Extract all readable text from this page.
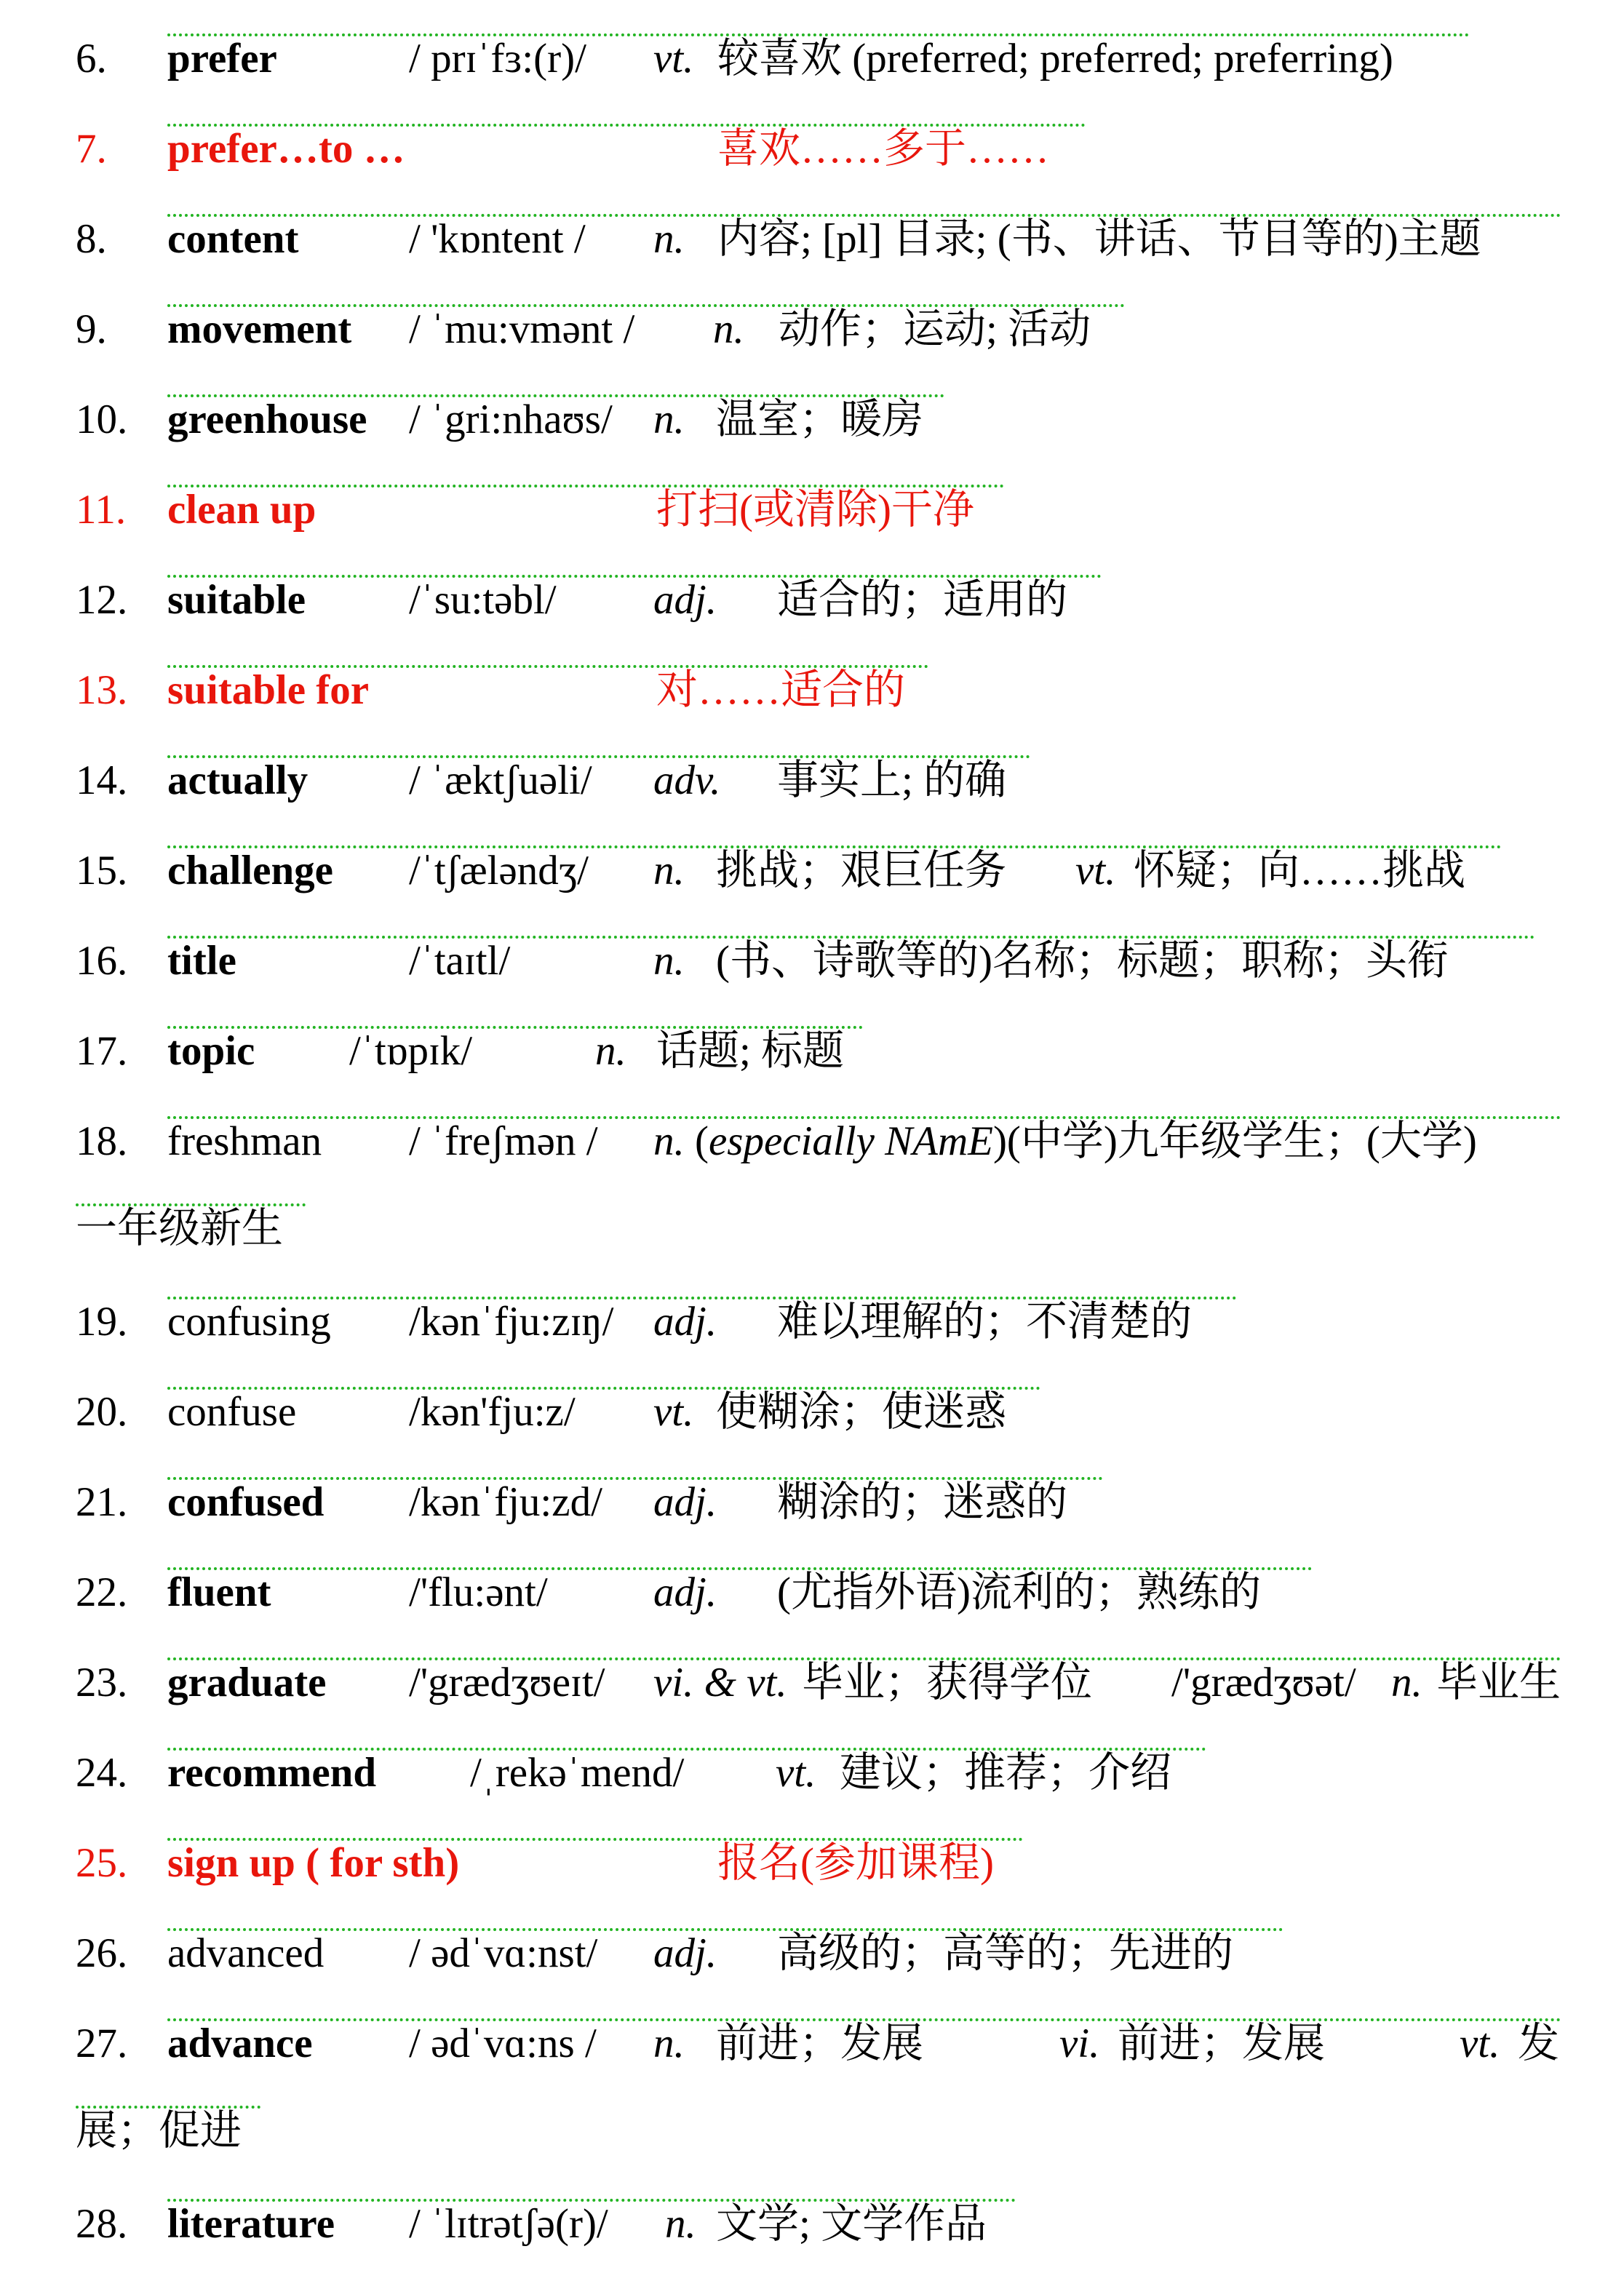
6. prefer	/ prɪˈfɜ:(r)/ vt. 较喜欢 (preferred; preferred; preferring)
7. prefer…to …	喜欢……多于……
8. content	/ 'kɒntent / n. 内容; [pl] 目录; (书、讲话、节目等的)主题
9. movement / ˈmu:vmənt / n. 动作；运动; 活动
10. greenhouse / ˈgri:nhaʊs/ n. 温室；暖房
11. clean up	打扫(或清除)干净
12. suitable /ˈsu:təbl/ adj. 适合的；适用的
13. suitable for	对……适合的
14. actually / ˈæktʃuəli/ adv. 事实上; 的确
15. challenge /ˈtʃæləndʒ/ n. 挑战；艰巨任务 vt. 怀疑；向……挑战
16. title	/ˈtaɪtl/	n. (书、诗歌等的)名称；标题；职称；头衔
17. topic /ˈtɒpɪk/	n. 话题; 标题
18. freshman / ˈfreʃmən / n. (especially NAmE)(中学)九年级学生；(大学)
一年级新生
19. confusing /kənˈfju:zɪŋ/ adj. 难以理解的；不清楚的
20. confuse	/kən'fju:z/ vt. 使糊涂；使迷惑
21. confused /kənˈfju:zd/ adj. 糊涂的；迷惑的
22. fluent	/'flu:ənt/	adj. (尤指外语)流利的；熟练的
23. graduate /'grædʒʊeɪt/ vi. & vt. 毕业；获得学位 /'grædʒʊət/ n. 毕业生
24. recommend /ˌrekəˈmend/ vt. 建议；推荐；介绍
25. sign up ( for sth)	报名(参加课程)
26. advanced / ədˈvɑ:nst/ adj. 高级的；高等的；先进的
27. advance / ədˈvɑ:ns / n. 前进；发展	vi. 前进；发展	vt. 发
展；促进
28. literature / ˈlɪtrətʃə(r)/ n. 文学; 文学作品
